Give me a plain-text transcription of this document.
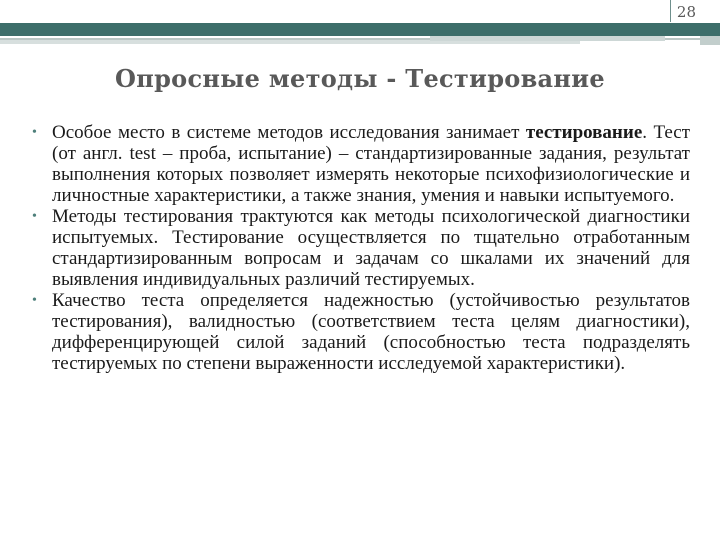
28
Опросные методы - Тестирование
• Особое место в системе методов исследования занимает тестирование. Тест (от англ. test – проба, испытание) – стандартизированные задания, результат выполнения которых позволяет измерять некоторые психофизиологические и личностные характеристики, а также знания, умения и навыки испытуемого.
• Методы тестирования трактуются как методы психологической диагностики испытуемых. Тестирование осуществляется по тщательно отработанным стандартизированным вопросам и задачам со шкалами их значений для выявления индивидуальных различий тестируемых.
• Качество теста определяется надежностью (устойчивостью результатов тестирования), валидностью (соответствием теста целям диагностики), дифференцирующей силой заданий (способностью теста подразделять тестируемых по степени выраженности исследуемой характеристики).
